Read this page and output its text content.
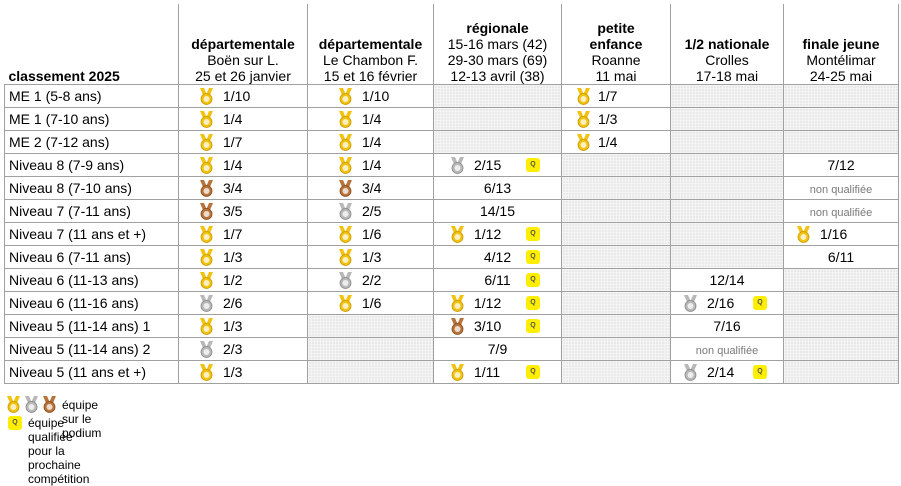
classement 2025	départementale
Boën sur L.
25 et 26 janvier	départementale
Le Chambon F.
15 et 16 février	régionale
15-16 mars (42)
29-30 mars (69)
12-13 avril (38)	petite
enfance
Roanne
11 mai	1/2 nationale
Crolles
17-18 mai	finale jeune
Montélimar
24-25 mai

ME 1 (5-8 ans)	1/10	1/10		1/7		

ME 1 (7-10 ans)	1/4	1/4		1/3		

ME 2 (7-12 ans)	1/7	1/4		1/4		

Niveau 8 (7-9 ans)	1/4	1/4	2/15 Q			7/12

Niveau 8 (7-10 ans)	3/4	3/4	6/13			non qualifiée

Niveau 7 (7-11 ans)	3/5	2/5	14/15			non qualifiée

Niveau 7 (11 ans et +)	1/7	1/6	1/12 Q			1/16

Niveau 6 (7-11 ans)	1/3	1/3	4/12 Q			6/11

Niveau 6 (11-13 ans)	1/2	2/2	6/11 Q		12/14	

Niveau 6 (11-16 ans)	2/6	1/6	1/12 Q		2/16 Q	

Niveau 5 (11-14 ans) 1	1/3		3/10 Q		7/16	

Niveau 5 (11-14 ans) 2	2/3		7/9		non qualifiée	

Niveau 5 (11 ans et +)	1/3		1/11 Q		2/14 Q	

équipe sur le podium
Q équipe qualifiée pour la prochaine compétition
